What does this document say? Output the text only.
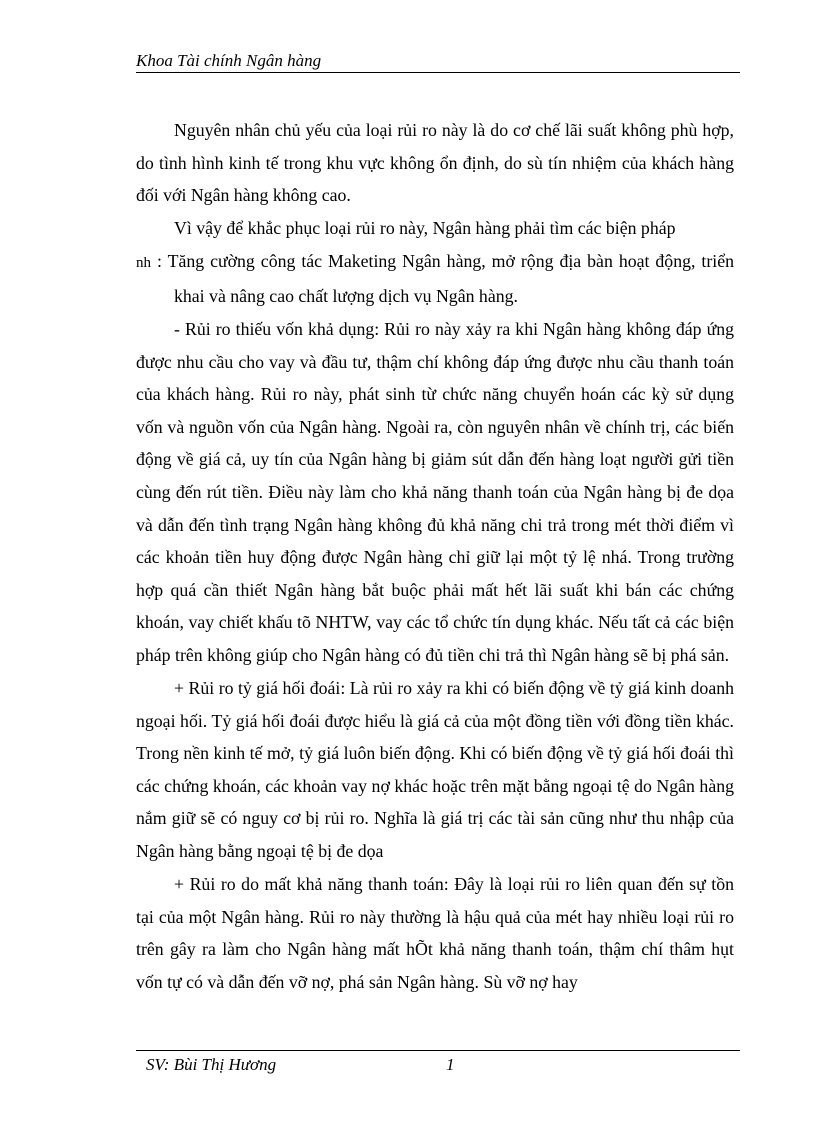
Khoa Tài chính Ngân hàng

Nguyên nhân chủ yếu của loại rủi ro này là do cơ chế lãi suất không phù hợp, do tình hình kinh tế trong khu vực không ổn định, do sù tín nhiệm của khách hàng đối với Ngân hàng không cao.

Vì vậy để khắc phục loại rủi ro này, Ngân hàng phải tìm các biện pháp

nh : Tăng cường công tác Maketing Ngân hàng, mở rộng địa bàn hoạt động, triển khai và nâng cao chất lượng dịch vụ Ngân hàng.

- Rủi ro thiếu vốn khả dụng: Rủi ro này xảy ra khi Ngân hàng không đáp ứng được nhu cầu cho vay và đầu tư, thậm chí không đáp ứng được nhu cầu thanh toán của khách hàng. Rủi ro này, phát sinh từ chức năng chuyển hoán các kỳ sử dụng vốn và nguồn vốn của Ngân hàng. Ngoài ra, còn nguyên nhân về chính trị, các biến động về giá cả, uy tín của Ngân hàng bị giảm sút dẫn đến hàng loạt người gửi tiền cùng đến rút tiền. Điều này làm cho khả năng thanh toán của Ngân hàng bị đe dọa và dẫn đến tình trạng Ngân hàng không đủ khả năng chi trả trong mét thời điểm vì các khoản tiền huy động được Ngân hàng chỉ giữ lại một tỷ lệ nhá. Trong trường hợp quá cần thiết Ngân hàng bắt buộc phải mất hết lãi suất khi bán các chứng khoán, vay chiết khấu tõ NHTW, vay các tổ chức tín dụng khác. Nếu tất cả các biện pháp trên không giúp cho Ngân hàng có đủ tiền chi trả thì Ngân hàng sẽ bị phá sản.

+ Rủi ro tỷ giá hối đoái: Là rủi ro xảy ra khi có biến động về tỷ giá kinh doanh ngoại hối. Tỷ giá hối đoái được hiểu là giá cả của một đồng tiền với đồng tiền khác. Trong nền kinh tế mở, tỷ giá luôn biến động. Khi có biến động về tỷ giá hối đoái thì các chứng khoán, các khoản vay nợ khác hoặc trên mặt bằng ngoại tệ do Ngân hàng nắm giữ sẽ có nguy cơ bị rủi ro. Nghĩa là giá trị các tài sản cũng như thu nhập của Ngân hàng bằng ngoại tệ bị đe dọa

+ Rủi ro do mất khả năng thanh toán: Đây là loại rủi ro liên quan đến sự tồn tại của một Ngân hàng. Rủi ro này thường là hậu quả của mét hay nhiều loại rủi ro trên gây ra làm cho Ngân hàng mất hÕt khả năng thanh toán, thậm chí thâm hụt vốn tự có và dẫn đến vỡ nợ, phá sản Ngân hàng. Sù vỡ nợ hay

SV: Bùi Thị Hương	1
